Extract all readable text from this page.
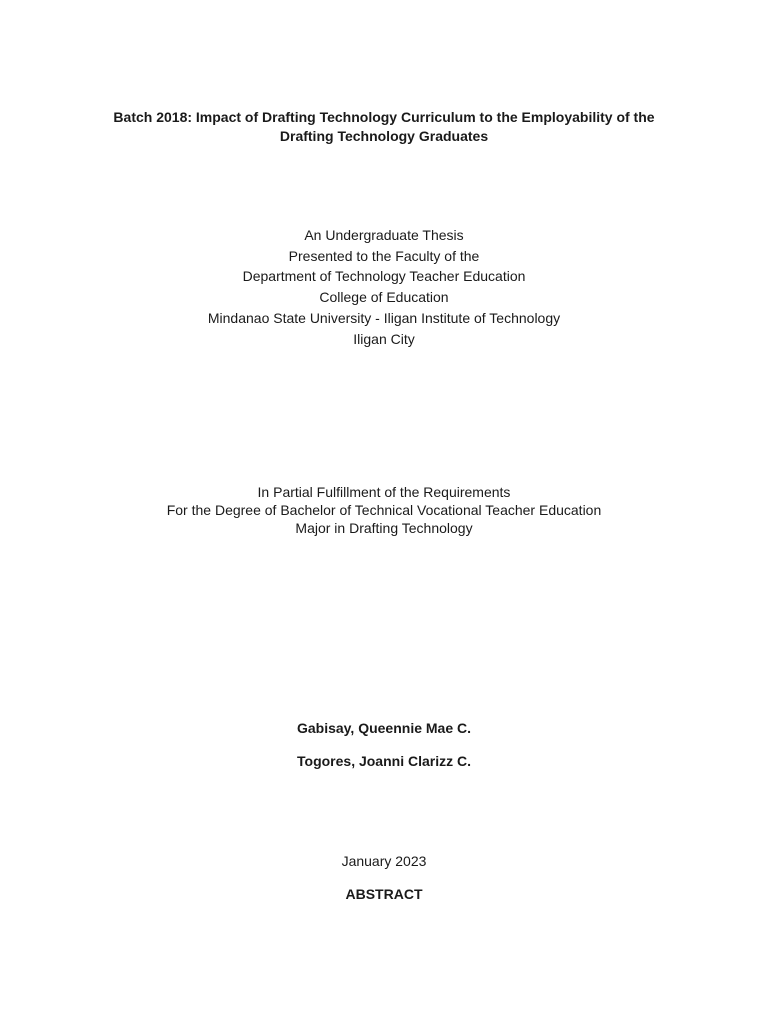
Batch 2018: Impact of Drafting Technology Curriculum to the Employability of the
Drafting Technology Graduates
An Undergraduate Thesis
Presented to the Faculty of the
Department of Technology Teacher Education
College of Education
Mindanao State University - Iligan Institute of Technology
Iligan City
In Partial Fulfillment of the Requirements
For the Degree of Bachelor of Technical Vocational Teacher Education
Major in Drafting Technology
Gabisay, Queennie Mae C.
Togores, Joanni Clarizz C.
January 2023
ABSTRACT
